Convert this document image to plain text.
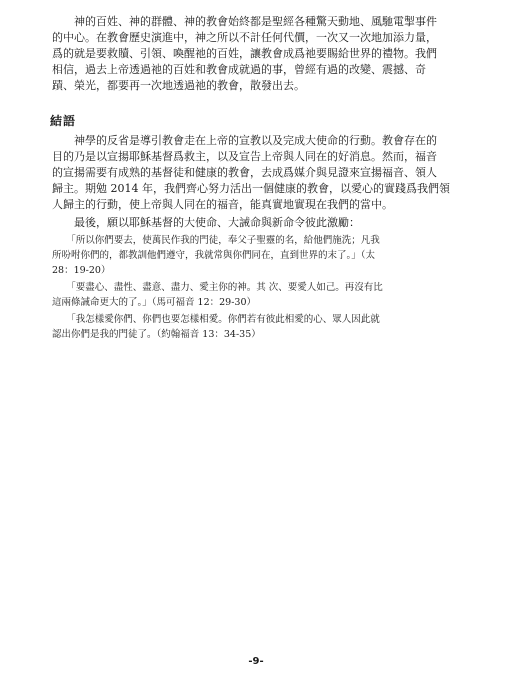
　　神的百姓、神的群體、神的教會始終都是聖經各種驚天動地、風馳電掣事件
的中心。在教會歷史演進中，神之所以不計任何代價，一次又一次地加添力量，
爲的就是要救贖、引領、喚醒祂的百姓，讓教會成爲祂要賜給世界的禮物。我們
相信，過去上帝透過祂的百姓和教會成就過的事，曾經有過的改變、震撼、奇
蹟、榮光，都要再一次地透過祂的教會，散發出去。
結語
　　神學的反省是導引教會走在上帝的宣教以及完成大使命的行動。教會存在的
目的乃是以宣揚耶穌基督爲救主，以及宣告上帝與人同在的好消息。然而，福音
的宣揚需要有成熟的基督徒和健康的教會，去成爲媒介與見證來宣揚福音、領人
歸主。期勉 2014 年，我們齊心努力活出一個健康的教會，以愛心的實踐爲我們領
人歸主的行動，使上帝與人同在的福音，能真實地實現在我們的當中。
　　最後，願以耶穌基督的大使命、大誡命與新命令彼此激勵：
　　「所以你們要去，使萬民作我的門徒，奉父子聖靈的名，給他們施洗；凡我
所吩咐你們的，都教訓他們遵守，我就常與你們同在，直到世界的末了。」（太
28：19-20）
　　「要盡心、盡性、盡意、盡力、愛主你的神。其 次、要愛人如己。再沒有比
這兩條誡命更大的了。」（馬可福音 12：29-30）
　　「我怎樣愛你們、你們也要怎樣相愛。你們若有彼此相愛的心、眾人因此就
認出你們是我的門徒了。（約翰福音 13：34-35）
-9-
